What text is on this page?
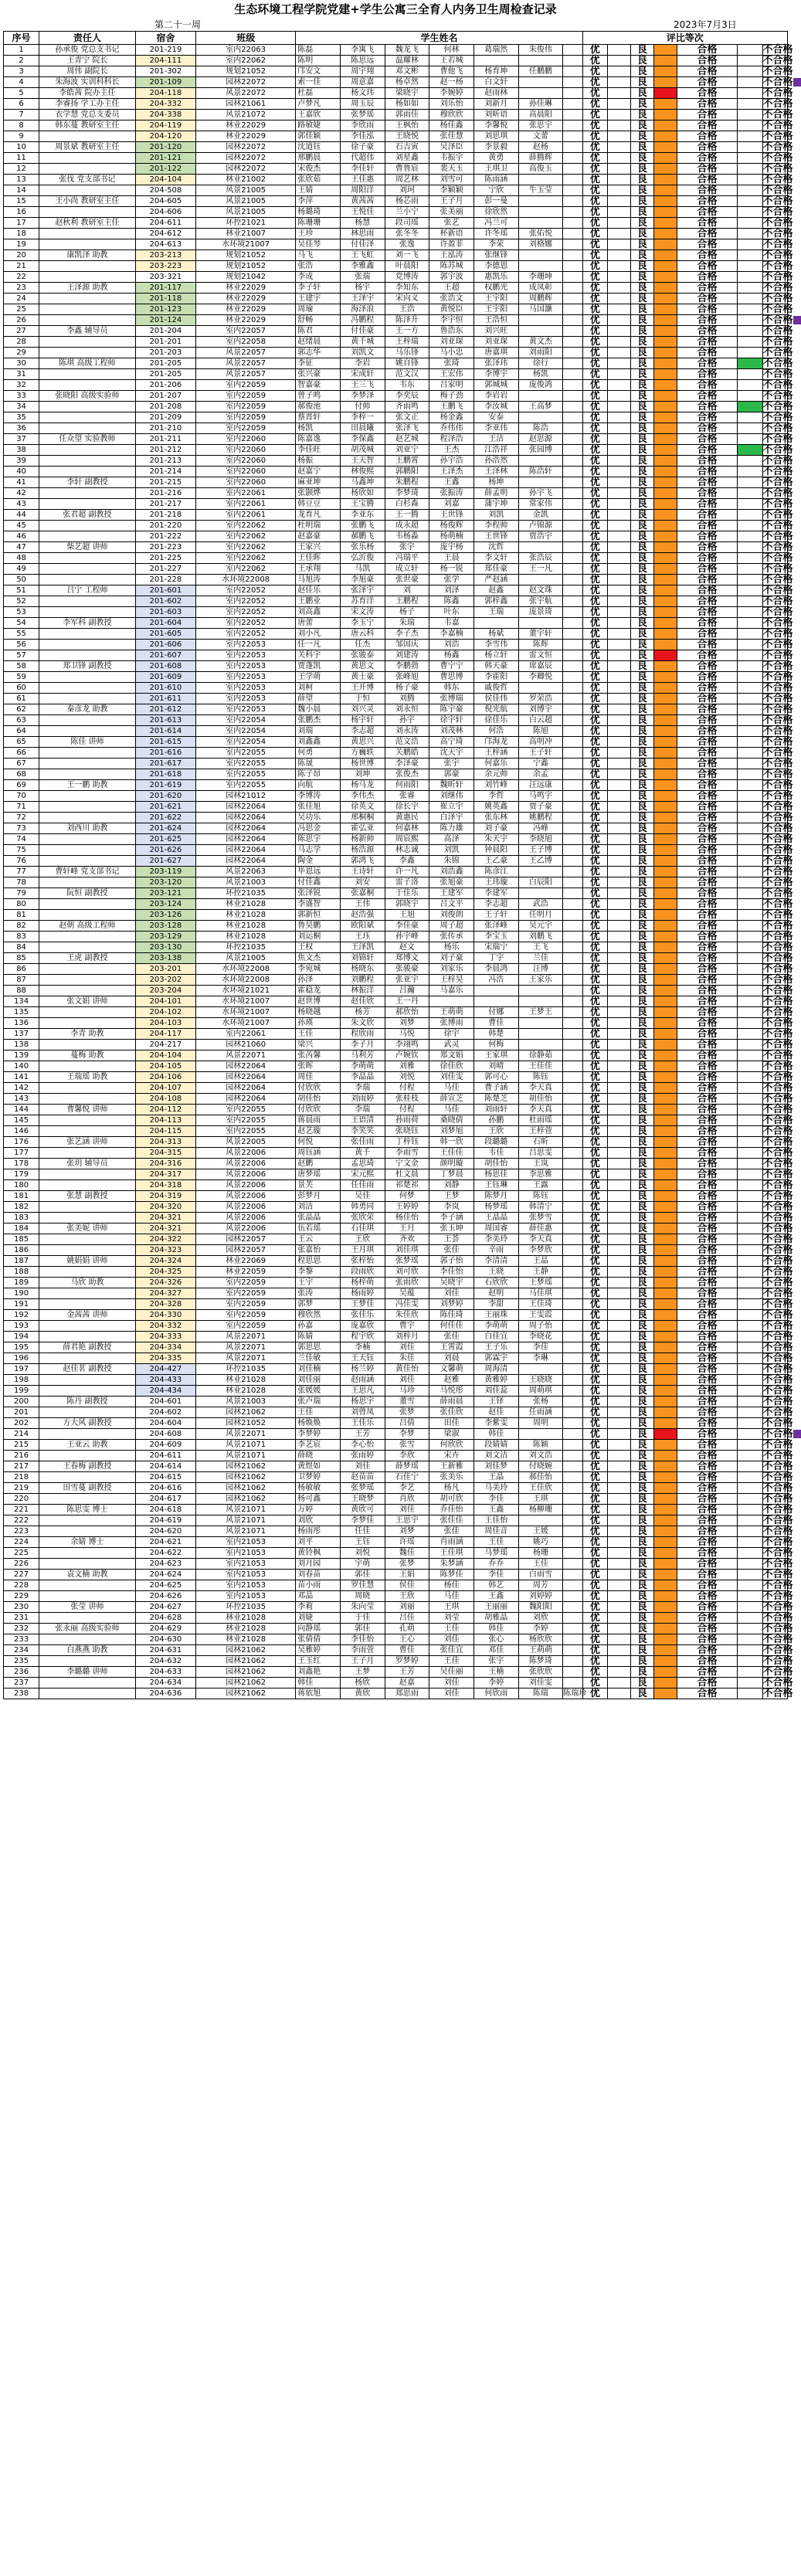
生态环境工程学院党建+学生公寓三全育人内务卫生周检查记录
第二十一周	2023年7月3日
序号	责任人	宿舍	班级	学生姓名							评比等次						
1	孙承俊 党总支书记	201-219	室内22063	陈磊	李寓飞	魏龙飞	何林	葛瑞然	朱俊伟		优		良		合格		不合格
2	王青宁 院长	204-111	室内22062	陈明	陈思远	温耀林	王若城				优		良		合格		不合格
3	周伟 副院长	201-302	规划21052	邝安文	周宇翔	邓文彬	曹他飞	杨育坤	任鹏鹏		优		良		合格		不合格
4	朱海波 实训科科长	201-109	园林22072	索一佳	周意嘉	杨卓然	赵一杨	白文轩			优		良		合格		不合格
5	李皓茜 院办主任	204-118	风景22072	杜磊	杨文玮	梁晓宇	李婉婷	赵雨林			优		良		合格		不合格
6	李睿扬 学工办主任	204-332	园林21061	卢梦凡	周玉辰	杨如如	刘乐怡	刘新月	孙佳琳		优		良		合格		不合格
7	衣学慧 党总支委员	204-338	风景21072	王嘉欣	张梦瑶	郭雨佳	穆欣欣	刘昕语	高晨阳		优		良		合格		不合格
8	韩东蔓 教研室主任	204-119	林业22029	路敏婕	李欣雨	王枫怡	杨佳鑫	李馨悦	张思宇		优		良		合格		不合格
9		204-120	林业22029	郭佳颖	李佳泓	王晓悦	张佳慧	刘思琪	文蕾		优		良		合格		不合格
10	周景斌 教研室主任	201-120	园林22072	沈道钰	徐子豪	石吉寅	吴泽臣	李景毅	赵杨		优		良		合格		不合格
11		201-121	园林22072	邢鹏晨	代超伟	刘星鑫	韦振宇	黄勇	薛腾辉		优		良		合格		不合格
12		201-122	园林22072	宋俊杰	李佳轩	曹鲁宸	裴天玉	王琪卫	高俊玉		优		良		合格		不合格
13	张伐 党支部书记	204-104	林业21002	张欣茹	王佳惠	周艺林	刘雪可	陈雨涵			优		良		合格		不合格
14		204-508	风景21005	王婧	周阳洋	刘珂	李颖颖	宁欣	牛玉莹		优		良		合格		不合格
15	王小尚 教研室主任	204-605	风景21005	李萍	黄茜茜	杨芯雨	王子月	彭一曼			优		良		合格		不合格
16		204-606	风景21005	杨璐琦	王悦佳	兰小宁	张美丽	徐欣然			优		良		合格		不合格
17	赵秋利 教研室主任	204-611	环控21021	陈珊珊	杨慧	段司瑶	张艺	冯兰可			优		良		合格		不合格
18		204-612	林业21007	王珍	林思雨	张冬冬	杯新语	许冬瑶	张佑悦		优		良		合格		不合格
19		204-613	水环境21007	吴佳琴	付佳泽	张逸	许盈菲	李荣	刘格娜		优		良		合格		不合格
20	康凯泽 助教	203-213	规划21052	马飞	王飞虹	刘一飞	王泓涛	张继锋			优		良		合格		不合格
21		203-223	规划21052	张浩	李雅鑫	叶晨阳	陈苏城	李德恩			优		良		合格		不合格
22		203-321	规划21042	李成	张瑞	党博涛	郭宇波	惠凯乐	李珊坤		优		良		合格		不合格
23	王泽源 助教	201-117	林业22029	李子轩	杨宇	李知东	王超	权鹏光	成凤彰		优		良		合格		不合格
24		201-118	林业22029	王建宇	王泽宇	宋向义	张浩文	王宇阳	周鹏辉		优		良		合格		不合格
25		201-123	林业22029	周瑜	海泽浪	王浩	黄悦臣	王宇阳	马国灏		优		良		合格		不合格
26		201-124	林业22029	舒畅	冯鹏程	陈泽升	李宇恒	王浩恒			优		良		合格		不合格
27	李鑫 辅导员	201-204	室内22057	陈君	付佳豪	王一方	鲁浩东	刘兴旺			优		良		合格		不合格
28		201-201	室内22058	赵绪晨	黄千城	王梓瑞	刘亚琛	刘亚琛	黄文杰		优		良		合格		不合格
29		201-203	风景22057	郭志华	刘凯文	马乐锋	马小忠	唐嘉琪	刘雨阳		优		良		合格		不合格
30	陈琪 高级工程师	201-205	风景22057	李征	李岩	姚自锋	张琦	张泽玮	徐行		优		良		合格		不合格
31		201-205	风景22057	张兴豪	宋成轩	范文汉	王宏伟	李博宇	杨凯		优		良		合格		不合格
32		201-206	室内22059	智嘉豪	王三飞	韦东	吕家明	郭城城	庞俊鸿		优		良		合格		不合格
33	张晓阳 高级实验师	201-207	室内22059	曾子鸣	李梦泽	李奕辰	梅子劲	李岩岩			优		良		合格		不合格
34		201-208	室内22059	郝俊池	付帅	齐雨鸣	王鹏飞	李汝城	王高梦		优		良		合格		不合格
35		201-209	室内22059	蔡晋轩	李梓一	张文正	杨金鑫	安泰			优		良		合格		不合格
36		201-210	室内22059	杨凯	田晨曦	张泽飞	乔伟伟	李亚伟	陈浩		优		良		合格		不合格
37	任众望 实验教师	201-211	室内22060	陈嘉逸	李保鑫	赵艺城	程泽浩	王洁	赵思源		优		良		合格		不合格
38		201-212	室内22060	李佳旺	胡茂城	刘亚宁	王杰	江浩祥	张园博		优		良		合格		不合格
39		201-213	室内22060	杨振	王天智	王鹏霄	孙宇浩	孙浩然			优		良		合格		不合格
40		201-214	室内22060	赵嘉宁	林俊熙	郭鹏阳	王泽杰	王泽林	陈浩轩		优		良		合格		不合格
41	李轩 副教授	201-215	室内22060	麻亚坤	马鑫坤	朱鹏程	王鑫	杨坤			优		良		合格		不合格
42		201-216	室内22061	张颢烨	杨欣如	李梦琦	张振涛	薛孟明	孙宇飞		优		良		合格		不合格
43		201-217	室内22061	韩豆豆	王宝腾	白杉森	刘嘉	蒲宇坤	常家伟		优		良		合格		不合格
44	张君超 副教授	201-218	室内22061	龙育凡	李亚东	王一腾	王世锋	刘凯	金凯		优		良		合格		不合格
45		201-220	室内22062	杜明瑞	张鹏飞	成永超	杨俊辉	李程帅	卢锦源		优		良		合格		不合格
46		201-222	室内22062	赵嘉豪	郝鹏飞	韦杨淼	杨萌楠	王世锋	贾浩宇		优		良		合格		不合格
47	柴艺超 讲师	201-223	室内22062	王家兴	张乐杨	张宇	庞宇杨	沈哲			优		良		合格		不合格
48		201-225	室内22062	王佳晖	弘沂俊	冯瑞平	王晨	李文轩	张浩辰		优		良		合格		不合格
49		201-227	室内22062	王承翔	马凯	成立轩	杨一锐	郑佳豪	王一凡		优		良		合格		不合格
50		201-228	水环境22008	马旭涛	李旭豪	张世豪	张学	严赵涵			优		良		合格		不合格
51	吕宁 工程师	201-601	室内22052	赵佳乐	张泽宇	刘	刘泽	赵鑫	赵文珠		优		良		合格		不合格
52		201-602	室内22052	王鹏业	苏育洋	王鹏程	陈鑫	郭梓鑫	张宇航		优		良		合格		不合格
53		201-603	室内22052	刘高鑫	宋文涛	杨子	叶东	王瑞	庞景琦		优		良		合格		不合格
54	李军科 副教授	201-604	室内22052	唐蕾	李玉宁	朱瑞	韦嘉				优		良		合格		不合格
55		201-605	室内22052	刘小凡	唐云科	李子杰	李嘉楠	杨斌	董宇轩		优		良		合格		不合格
56		201-606	室内22053	任一凡	任杰	邹国庆	刘浩	李雪伟	陈辉		优		良		合格		不合格
57		201-607	室内22053	关科宇	张骏泰	刘建涛	杨鑫	杨立轩	雷文恒		优		良		合格		不合格
58	郑卫锋 副教授	201-608	室内22053	贾蓬凯	黄思文	李鹏勃	曹宁宁	韩天豪	席嘉辰		优		良		合格		不合格
59		201-609	室内22053	王学萌	黄士豪	张峰旭	曹思博	李霍阳	李卿悦		优		良		合格		不合格
60		201-610	室内22053	刘柯	王开博	杨子豪	韩东	戚俊哲			优		良		合格		不合格
61		201-611	室内22053	薛望	于恒	刘腾	张博瑞	侯佳伟	罗荣浩		优		良		合格		不合格
62	秦彦龙 助教	201-612	室内22053	魏小晨	刘兴灵	刘永恒	陈宇豪	倪光航	刘博宇		优		良		合格		不合格
63		201-613	室内22054	张鹏杰	杨宇轩	孙宇	徐宇轩	徐佳乐	白云超		优		良		合格		不合格
64		201-614	室内22054	刘瑞	李志超	刘永涛	刘茂林	何浩	陈旭		优		良		合格		不合格
65	陈佳 讲师	201-615	室内22054	刘鑫鑫	黄思兴	范文浩	高宁琦	邝海龙	高明冲		优		良		合格		不合格
66		201-616	室内22055	何勇	方巍轶	关鹏皓	沈天宇	王梓涵	王子轩		优		良		合格		不合格
67		201-617	室内22055	陈晟	杨世博	李泽豪	张宇	何嘉乐	宁鑫		优		良		合格		不合格
68		201-618	室内22055	陈子昂	刘坤	张俊杰	郭豪	余元帅	余孟		优		良		合格		不合格
69	王一鹏 助教	201-619	室内22055	向航	杨马龙	何雨阳	魏昕轩	刘竹峰	汪远康		优		良		合格		不合格
70		201-620	园林21012	李博涛	李伟杰	张睿	刘继伟	李哲	马鸣宇		优		良		合格		不合格
71		201-621	园林22064	张佳旭	徐英文	徐长宇	崔立宇	姚英鑫	贾子豪		优		良		合格		不合格
72		201-622	园林22064	吴功乐	邢桐桐	黄惠民	白泽宇	张东林	姚鹏程		优		良		合格		不合格
73	刘西川 助教	201-624	园林22064	冯思金	霍弘亚	何嘉林	陈力雄	刘子豪	冯峰		优		良		合格		不合格
74		201-625	园林22064	陈思宇	杨新帅	周宸熙	高泽	朱天宇	李晓旭		优		良		合格		不合格
75		201-626	园林22064	马志学	杨浩源	林志诚	刘凯	钟晨阳	王子博		优		良		合格		不合格
76		201-627	园林22064	陶金	郭鸿飞	李鑫	朱锦	王乙豪	王乙博		优		良		合格		不合格
77	曹轩峰 党支部书记	203-119	风景22063	毕恩远	王诗轩	许一凡	刘浩鑫	陈彦江			优		良		合格		不合格
78		203-120	风景21003	付佳鑫	刘安	雷子洛	张旭豪	王玮璇	白辰阳		优		良		合格		不合格
79	阮恒 副教授	203-121	环控21035	张泽锐	张嘉桐	于佳乐	王建军	李建军			优		良		合格		不合格
80		203-124	林业21028	李盛智	王伟	郭晓宇	吕文平	李志超	武浩		优		良		合格		不合格
81		203-126	林业21028	郭新恒	赵浩强	王旭	刘俊朗	王子轩	任明月		优		良		合格		不合格
82	赵朝 高级工程师	203-128	林业21028	鲁昊鹏	欧阳斌	李佳豪	周子超	张泽峰	吴元宇		优		良		合格		不合格
83		203-129	林业21028	刘运桐	王珏	孙宇峰	张传承	李宝玉	刘鹏飞		优		良		合格		不合格
84		203-130	环控21035	王权	王泽凯	赵文	杨乐	宋瑞宁	王飞		优		良		合格		不合格
85	王虎 副教授	203-138	风景21005	焦文杰	刘锦轩	郑博文	刘子豪	丁宇	兰佳		优		良		合格		不合格
86		203-201	水环境22008	李宛城	杨晓东	张骏豪	刘家乐	李晨鸿	汪博		优		良		合格		不合格
87		203-202	水环境22008	孙泽	刘鹏程	张亚宇	王梓昊	冯浩	王家乐		优		良		合格		不合格
88		203-204	水环境21021	霍稳龙	林振洋	吕瀚	马嘉乐				优		良		合格		不合格
134	张文娟 讲师	204-101	水环境21007	赵世博	赵佳欣	王一丹					优		良		合格		不合格
135		204-102	水环境21007	杨晓越	杨芳	郝欣怡	王萌萌	付娜	王梦王		优		良		合格		不合格
136		204-103	水环境21007	孙瑛	朱文欣	刘梦	张博雨	曹佳			优		良		合格		不合格
137	李青 助教	204-117	室内22061	王佳	程欣雨	马悦	徐宇	韩楚			优		良		合格		不合格
138		204-217	园林21060	梁兴	李子月	李翊鸣	武灵	何梅			优		良		合格		不合格
139	蔓梅 助教	204-104	风景22071	张芮馨	马利芳	卢婉钦	郑文娟	王家琪	徐静茹		优		良		合格		不合格
140		204-105	园林22064	张晖	李萌萌	刘雅	徐佳欣	刘晴	王佳佳		优		良		合格		不合格
141	王瑞瑶 助教	204-106	园林22064	周佳	李晶晶	刘悦	刘佳雯	郭可心	陈钰		优		良		合格		不合格
142		204-107	园林22064	付欣欣	李瑞	付程	马佳	曹子涵	李天真		优		良		合格		不合格
143		204-108	园林22064	胡佳怡	刘雨婷	张桂枝	薛宣芝	陈楚芝	胡佳怡		优		良		合格		不合格
144	曹馨悦 讲师	204-112	室内22055	付欣欣	李瑞	付程	马佳	刘雨轩	李天真		优		良		合格		不合格
145		204-113	室内22055	蒋晨雨	王语清	孙雨荷	桑晓倩	孙鹏	杜雨瑶		优		良		合格		不合格
146		204-115	室内22055	赵艺璇	李笑笑	张晓钰	刘梦旭	王欣	王梓萱		优		良		合格		不合格
176	张艺涵 讲师	204-313	风景22005	何悦	张佳雨	丁梓钰	韩一欣	段璐璐	石昕		优		良		合格		不合格
177		204-315	风景22006	周钰涵	黄千	李雨雪	王佳佳	韦佳	吕思雯		优		良		合格		不合格
178	张玥 辅导员	204-316	风景22006	赵鹏	孟思琦	宁文金	颜明璇	胡佳怡	王岚		优		良		合格		不合格
179		204-317	风景22006	唐梦瑶	宋元熙	杜文晨	丁梦晨	杨思佳	李思雅		优		良		合格		不合格
180		204-318	风景22006	景芙	任佳雨	祁楚祁	刘静	王钰琳	王露		优		良		合格		不合格
181	张慧 副教授	204-319	风景22006	彭梦月	吴佳	何梦	王梦	陈梦月	陈钰		优		良		合格		不合格
182		204-320	风景22006	刘洁	韩勇同	王婷婷	李岚	杨梦瑶	韩清宁		优		良		合格		不合格
183		204-321	风景22006	张晶晶	张欣荣	杨佳怡	李子涵	王晶晶	张梦雪		优		良		合格		不合格
184	张美妮 讲师	204-321	风景22006	伍若瑶	石佳琪	王月	张玉坤	周国睿	薛佳惠		优		良		合格		不合格
185		204-322	园林22057	王云	王欣	齐欢	王荟	李美玲	李天真		优		良		合格		不合格
186		204-323	园林22057	张嘉怡	王月琪	刘佳琪	张佳	辛雨	李梦欣		优		良		合格		不合格
187	姚娟娟 讲师	204-324	林业22069	程思思	张梓怡	张梦瑶	郭子怡	李清清	王晶		优		良		合格		不合格
188		204-325	林业22059	李黎	段雨欣	刘可欣	李佳怡	王晓	王静		优		良		合格		不合格
189	马欣 助教	204-326	室内22059	王宇	杨梓萌	张雨欣	吴晓宇	石欣欣	王梦瑶		优		良		合格		不合格
190		204-327	室内22059	张涛	杨雨婷	吴蕴	刘佳	赵明	马佳琪		优		良		合格		不合格
191		204-328	室内22059	郭梦	王梦佳	冯佳雯	刘梦婷	李甜	王佳琦		优		良		合格		不合格
192	金茜茜 讲师	204-330	室内22059	穆欣然	张佳乐	朱佳欣	陈佳琦	王丽珠	王雯霞		优		良		合格		不合格
193		204-332	室内22059	孙嘉	庞嘉欣	曹宇	何佳佳	李萌萌	周子怡		优		良		合格		不合格
194		204-333	风景22071	陈婧	程宇欣	刘梓月	张佳	白佳宜	李晓花		优		良		合格		不合格
195	薛君艳 副教授	204-334	风景22071	郭思思	李楠	刘佳	王霄霞	王子乐	李佳		优		良		合格		不合格
196		204-335	风景22071	兰佳敏	王天钰	朱佳	刘晨	郭霖宇	李琳		优		良		合格		不合格
197	赵佳茗 副教授	204-427	环控21035	刘佳楠	杨兰婷	黄佳怡	文馨萌	周海清			优		良		合格		不合格
198		204-433	林业21028	刘佳丽	赵雨涵	刘佳	赵雅	黄雅婷	王晓晓		优		良		合格		不合格
199		204-434	林业21028	张媛媛	王思凡	马珍	马悦彤	刘佳蕊	周萌琪		优		良		合格		不合格
200	陈丹 副教授	204-601	风景21003	张卢瑞	杨思宇	董雪	薛雨晨	王铎	张杨		优		良		合格		不合格
201		204-602	园林21062	王佳	刘曾凤	张梦	张佳欣	赵佳	任雨涵		优		良		合格		不合格
202	方大风 副教授	204-604	园林21052	杨焕焕	王佳乐	吕倩	田佳	李紫雯	周明		优		良		合格		不合格
214		204-608	风景22071	李梦婷	王芳	李梦	梁淑	韩佳			优		良		合格		不合格
215	王亚云 助教	204-609	风景21071	李艺宸	李心怡	张雪	何欣欣	段婧婧	陈颖		优		良		合格		不合格
216		204-611	风景21071	薛晓	张雨婷	李欣	宋卉	刘文洁	刘文浩		优		良		合格		不合格
217	王春梅 副教授	204-614	园林21062	黄煜如	刘佳	薛梦瑶	王新雅	刘佳梦	付晓婉		优		良		合格		不合格
218		204-615	园林21062	卫梦婷	赵苗苗	石佳宁	张美乐	王晶	郝佳怡		优		良		合格		不合格
219	田雪蔓 副教授	204-616	园林21062	杨敏敏	张梦瑶	李艺	杨凡	马美玲	王佳欣		优		良		合格		不合格
220		204-617	园林21062	杨可鑫	王晓梦	肖欣	胡可欣	李佳	王琪		优		良		合格		不合格
221	陈思雯 博士	204-618	风景21071	万婷	黄欣可	刘佳	乔佳怡	王鑫	杨柳珊		优		良		合格		不合格
222		204-619	风景21071	刘欣	李梦佳	王思宇	张佳佳	王佳怡			优		良		合格		不合格
223		204-620	风景21071	杨雨彤	任佳	刘梦	张佳	周佳音	王媛		优		良		合格		不合格
224	余婧 博士	204-621	室内21053	刘平	王钰	许瑶	肖雨涵	王佳	姚巧		优		良		合格		不合格
225		204-622	室内21053	黄铃枫	刘悦	魏佳	王佳琪	马梦瑶	杨珊		优		良		合格		不合格
226		204-623	室内21053	刘月园	宇萌	张梦	朱梦涵	乔乔	王佳		优		良		合格		不合格
227	袁文楠 助教	204-624	室内21053	刘春苗	郭佳	王娟	陈梦佳	李佳	白雨雪		优		良		合格		不合格
228		204-625	室内21053	苗小雨	罗佳慧	侯佳	杨佳	韩艺	周芳		优		良		合格		不合格
229		204-626	室内21053	邓晶	周晓	王欣	马佳	王鑫	刘婷婷		优		良		合格		不合格
230	张莹 讲师	204-627	环控21035	李莉	朱向莹	刘丽	王琪	王丽丽	魏阳阳		优		良		合格		不合格
231		204-628	林业21028	刘婕	于佳	吕佳	刘莹	胡雅晶	刘欣		优		良		合格		不合格
232	张永丽 高级实验师	204-629	林业21028	向静瑶	郭佳	孔萌	王佳	韩佳	李婷		优		良		合格		不合格
233		204-630	林业21028	张倩倩	李佳怡	王心	刘佳	张心	杨欣欣		优		良		合格		不合格
234	白燕燕 助教	204-631	园林21062	吴雅婷	李雨萱	曹佳	张佳宜	邓佳	王萌萌		优		良		合格		不合格
235		204-632	园林21062	王玉红	王子月	罗梦婷	王佳	张宇	陈梦琦		优		良		合格		不合格
236	李璐璐 讲师	204-633	园林21062	刘鑫艳	王梦	王芳	吴佳丽	王楠	张欣欣		优		良		合格		不合格
237		204-634	园林21062	韩佳	杨欣	赵嘉	刘佳	李婷	刘佳雯		优		良		合格		不合格
238		204-636	园林21062	蒋依旭	黄欣	郑思雨	刘佳	何欣雨	陈瑞	陈瑞珍	优		良		合格		不合格
